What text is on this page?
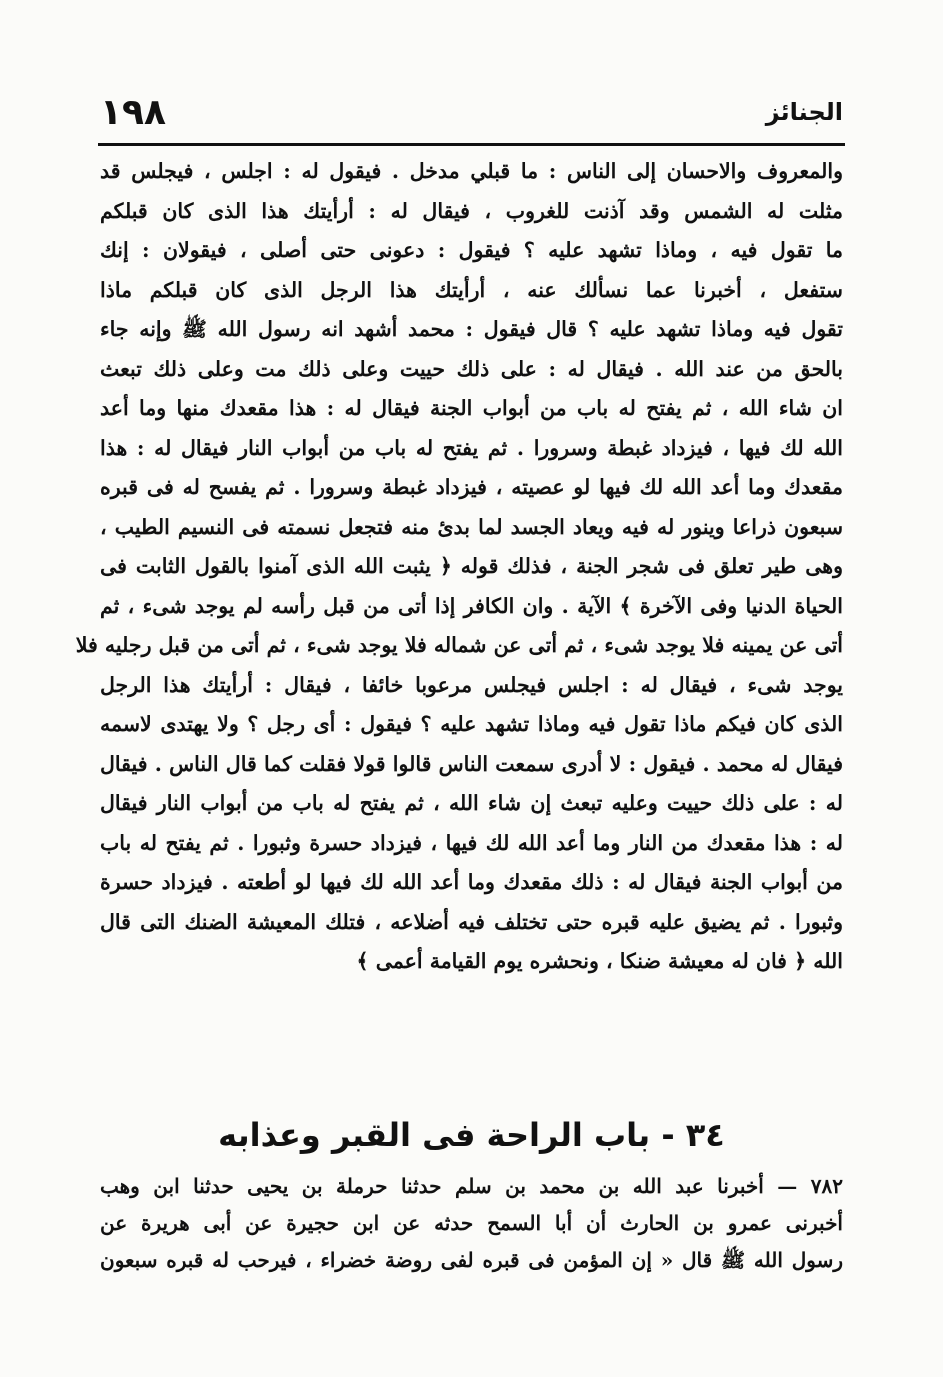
١٩٨	الجنائز
والمعروف والاحسان إلى الناس : ما قبلي مدخل . فيقول له : اجلس ، فيجلس قد
مثلت له الشمس وقد آذنت للغروب ، فيقال له : أرأيتك هذا الذى كان قبلكم
ما تقول فيه ، وماذا تشهد عليه ؟ فيقول : دعونى حتى أصلى ، فيقولان : إنك
ستفعل ، أخبرنا عما نسألك عنه ، أرأيتك هذا الرجل الذى كان قبلكم ماذا
تقول فيه وماذا تشهد عليه ؟ قال فيقول : محمد أشهد انه رسول الله ﷺ وإنه جاء
بالحق من عند الله . فيقال له : على ذلك حييت وعلى ذلك مت وعلى ذلك تبعث
ان شاء الله ، ثم يفتح له باب من أبواب الجنة فيقال له : هذا مقعدك منها وما أعد
الله لك فيها ، فيزداد غبطة وسرورا . ثم يفتح له باب من أبواب النار فيقال له : هذا
مقعدك وما أعد الله لك فيها لو عصيته ، فيزداد غبطة وسرورا . ثم يفسح له فى قبره
سبعون ذراعا وينور له فيه ويعاد الجسد لما بدئ منه فتجعل نسمته فى النسيم الطيب ،
وهى طير تعلق فى شجر الجنة ، فذلك قوله ﴿ يثبت الله الذى آمنوا بالقول الثابت فى
الحياة الدنيا وفى الآخرة ﴾ الآية . وان الكافر إذا أتى من قبل رأسه لم يوجد شىء ، ثم
أتى عن يمينه فلا يوجد شىء ، ثم أتى عن شماله فلا يوجد شىء ، ثم أتى من قبل رجليه فلا
يوجد شىء ، فيقال له : اجلس فيجلس مرعوبا خائفا ، فيقال : أرأيتك هذا الرجل
الذى كان فيكم ماذا تقول فيه وماذا تشهد عليه ؟ فيقول : أى رجل ؟ ولا يهتدى لاسمه
فيقال له محمد . فيقول : لا أدرى سمعت الناس قالوا قولا فقلت كما قال الناس . فيقال
له : على ذلك حييت وعليه تبعث إن شاء الله ، ثم يفتح له باب من أبواب النار فيقال
له : هذا مقعدك من النار وما أعد الله لك فيها ، فيزداد حسرة وثبورا . ثم يفتح له باب
من أبواب الجنة فيقال له : ذلك مقعدك وما أعد الله لك فيها لو أطعته . فيزداد حسرة
وثبورا . ثم يضيق عليه قبره حتى تختلف فيه أضلاعه ، فتلك المعيشة الضنك التى قال
الله ﴿ فان له معيشة ضنكا ، ونحشره يوم القيامة أعمى ﴾
٣٤ - باب الراحة فى القبر وعذابه
٧٨٢ — أخبرنا عبد الله بن محمد بن سلم حدثنا حرملة بن يحيى حدثنا ابن وهب
أخبرنى عمرو بن الحارث أن أبا السمح حدثه عن ابن حجيرة عن أبى هريرة عن
رسول الله ﷺ قال « إن المؤمن فى قبره لفى روضة خضراء ، فيرحب له قبره سبعون
